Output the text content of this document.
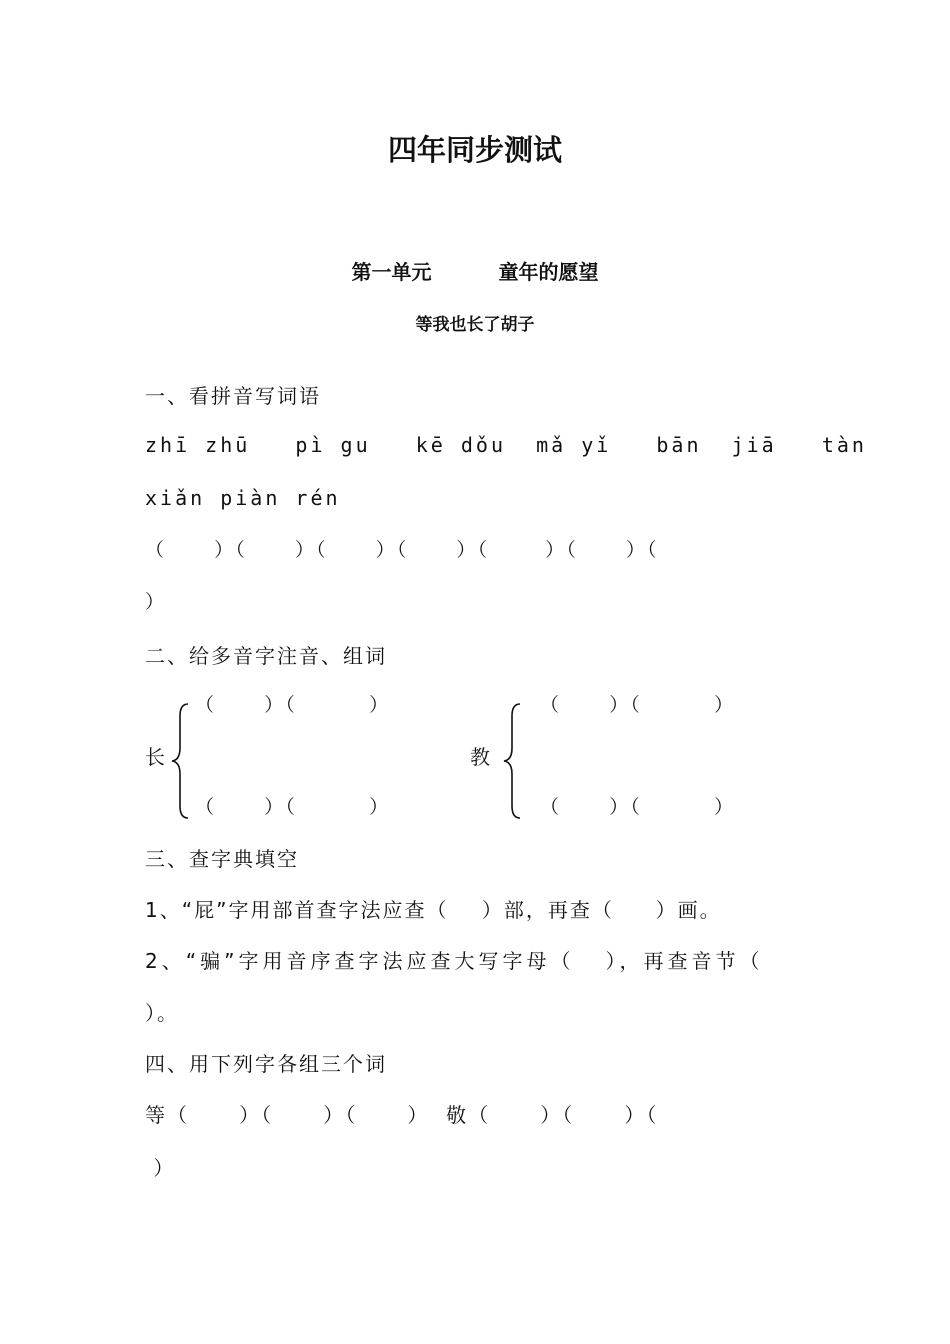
四年同步测试
第一单元 童年的愿望
等我也长了胡子
一、看拼音写词语
zhī zhū   pì gu   kē dǒu  mǎ yǐ   bān  jiā   tàn
xiǎn piàn rén
（      ）（      ）（      ）（      ）（       ）（      ）（
）
二、给多音字注音、组词
长
（      ）（         ）
（      ）（         ）
教
（      ）（         ）
（      ）（         ）
三、查字典填空
1、“屁”字用部首查字法应查（    ）部，再查（     ）画。
2、“骗”字用音序查字法应查大写字母（   ），再查音节（
）。
四、用下列字各组三个词
等（      ）（      ）（      ）  敬（      ）（      ）（
）
